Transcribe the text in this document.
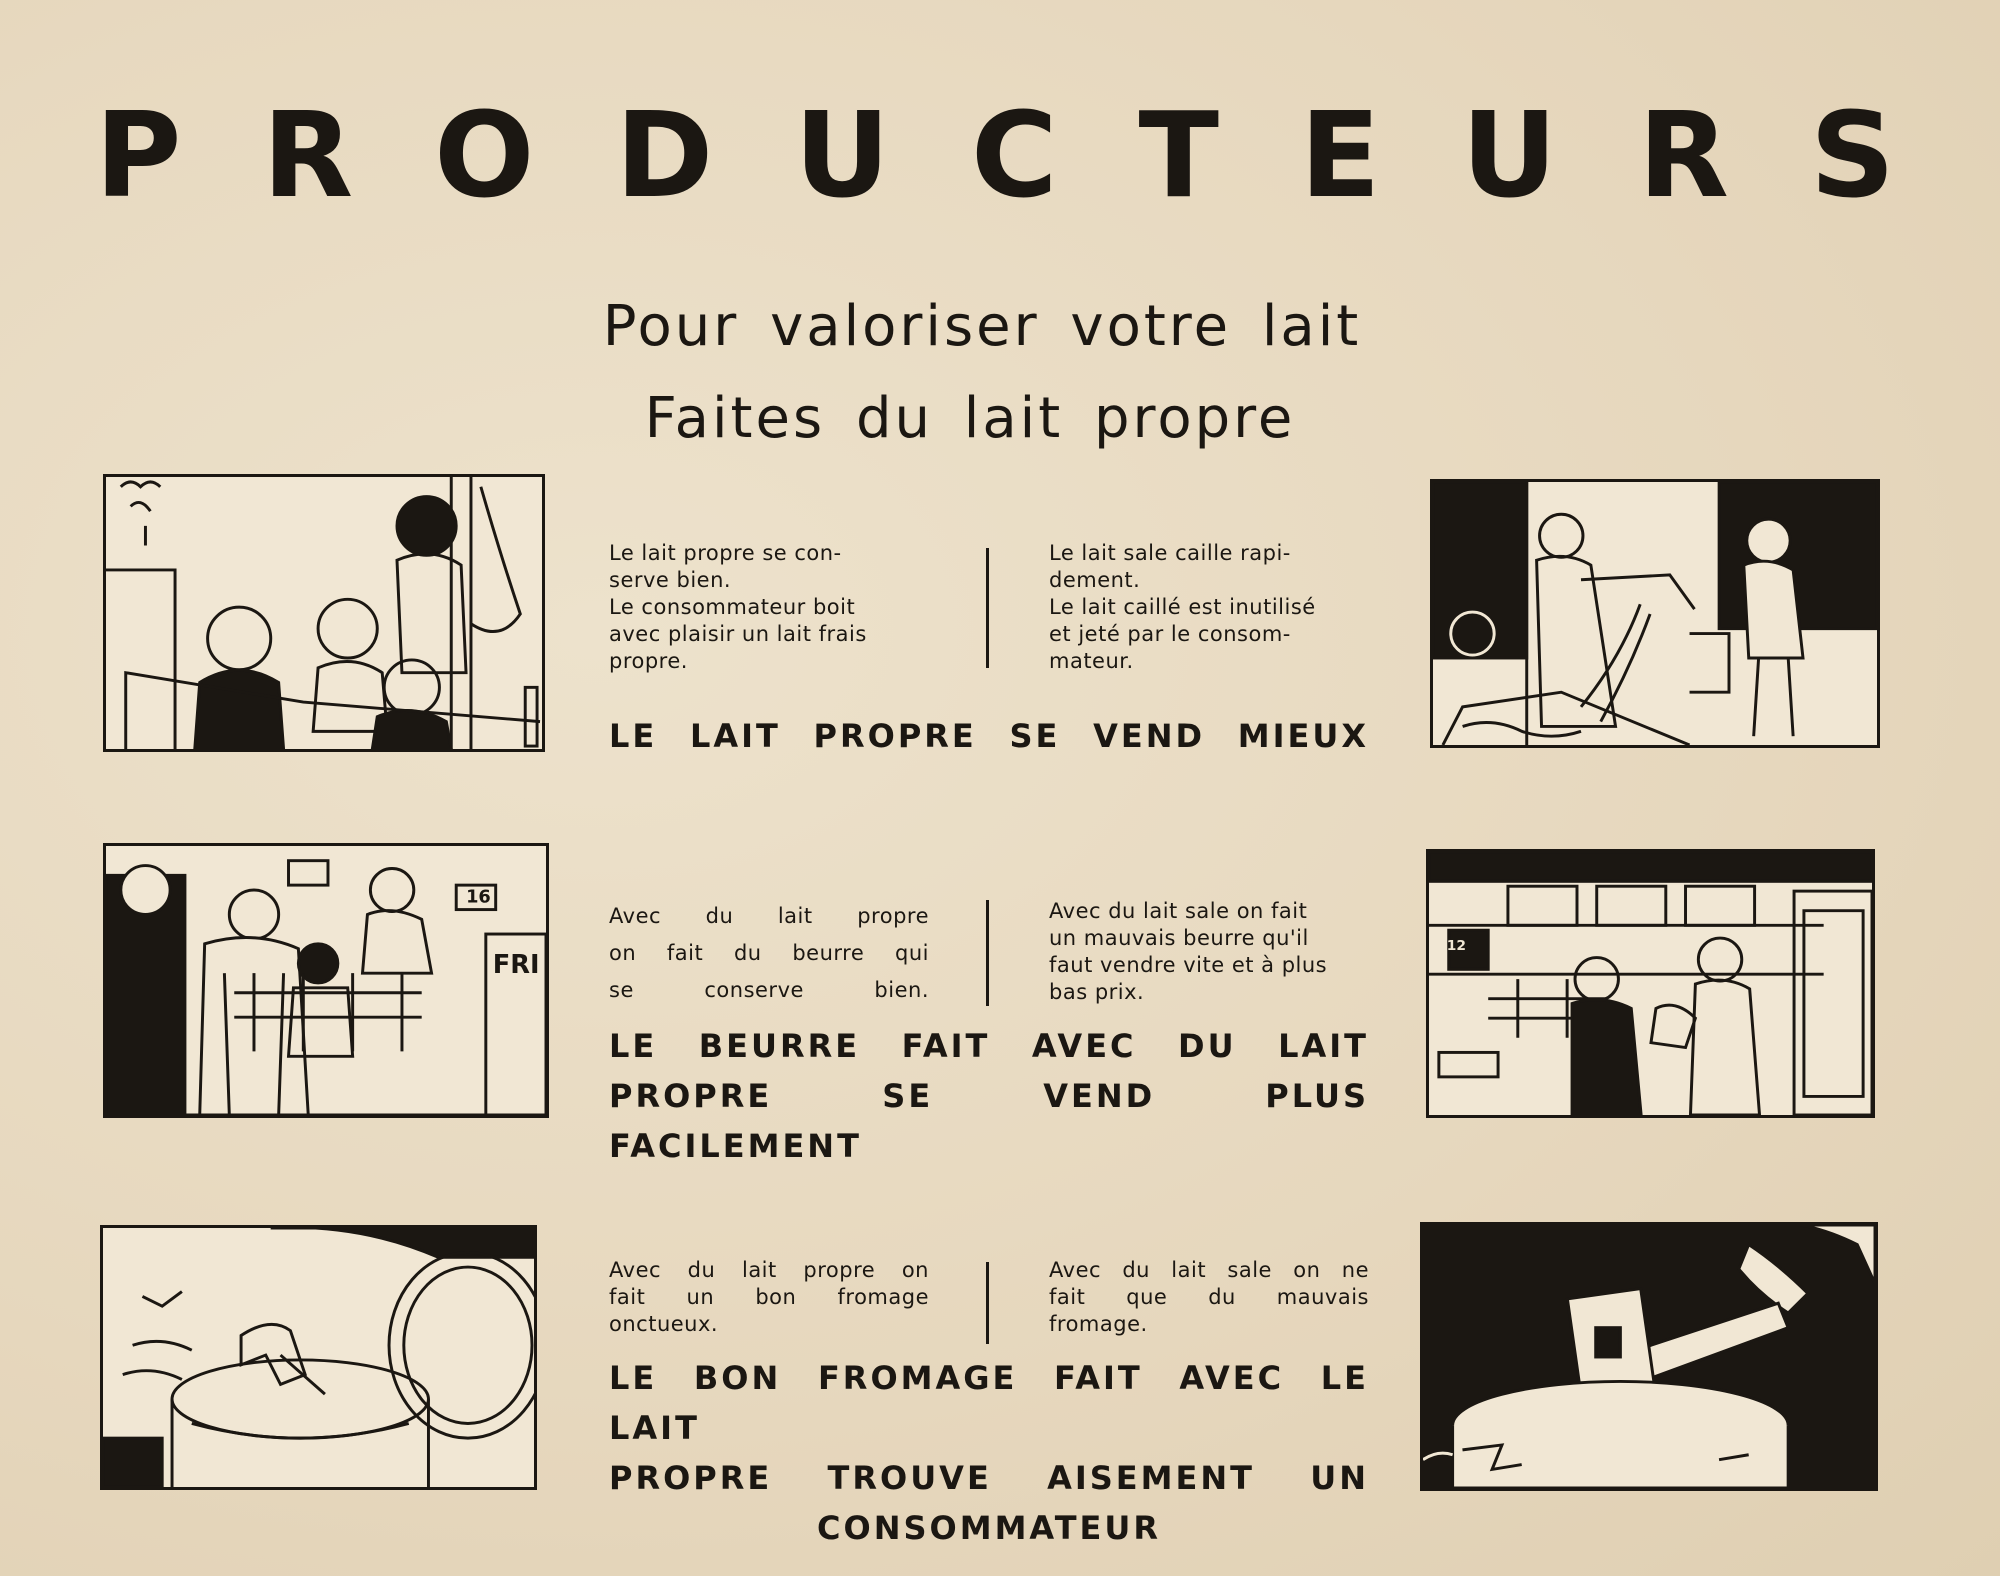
P R O D U C T E U R S
Pour valoriser votre lait
Faites du lait propre
Le lait propre se con-
serve bien.
Le consommateur boit
avec plaisir un lait frais
propre.
Le lait sale caille rapi-
dement.
Le lait caillé est inutilisé
et jeté par le consom-
mateur.
LE LAIT PROPRE SE VEND MIEUX
16
FRI
Avec du lait propre
on fait du beurre qui
se conserve bien.
Avec du lait sale on fait
un mauvais beurre qu'il
faut vendre vite et à plus
bas prix.
LE BEURRE FAIT AVEC DU LAIT
PROPRE SE VEND PLUS FACILEMENT
12
Avec du lait propre on
fait un bon fromage
onctueux.
Avec du lait sale on ne
fait que du mauvais
fromage.
LE BON FROMAGE FAIT AVEC LE LAIT
PROPRE TROUVE AISEMENT UN
CONSOMMATEUR
